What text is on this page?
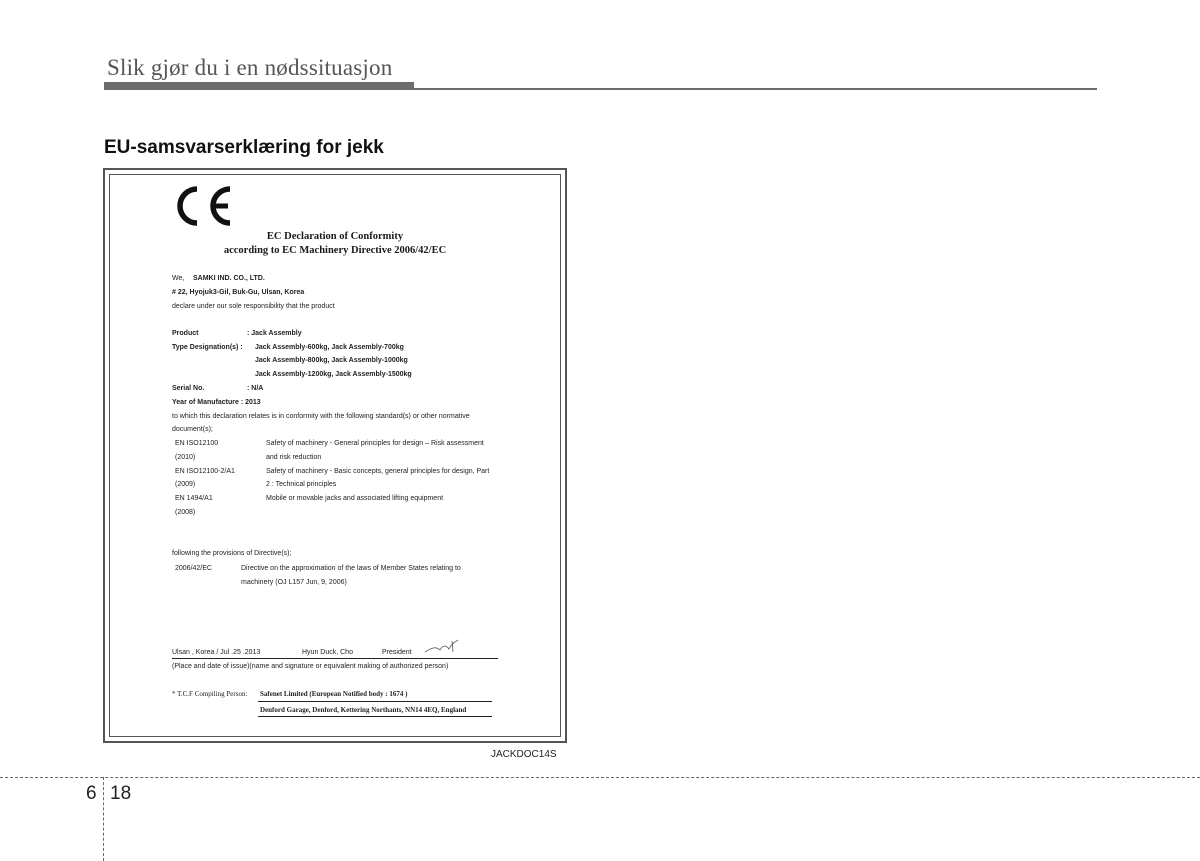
Slik gjør du i en nødssituasjon
EU-samsvarserklæring for jekk
EC Declaration of Conformity
according to EC Machinery Directive 2006/42/EC
We, SAMKI IND. CO., LTD.
# 22, Hyojuk3-Gil, Buk-Gu, Ulsan, Korea
declare under our sole responsibility that the product
Product	: Jack Assembly
Type Designation(s) : Jack Assembly-600kg, Jack Assembly-700kg
Jack Assembly-800kg, Jack Assembly-1000kg
Jack Assembly-1200kg, Jack Assembly-1500kg
Serial No.	: N/A
Year of Manufacture : 2013
to which this declaration relates is in conformity with the following standard(s) or other normative
document(s);
EN ISO12100	Safety of machinery - General principles for design – Risk assessment
(2010)	and risk reduction
EN ISO12100-2/A1	Safety of machinery - Basic concepts, general principles for design, Part
(2009)	2 : Technical principles
EN 1494/A1	Mobile or movable jacks and associated lifting equipment
(2008)
following the provisions of Directive(s);
2006/42/EC	Directive on the approximation of the laws of Member States relating to
machinery (OJ L157 Jun, 9, 2006)
Ulsan , Korea / Jul .25 .2013	Hyun Duck, Cho	President
(Place and date of issue)(name and signature or equivalent making of authorized person)
* T.C.F Compiling Person: Safenet Limited (European Notified body : 1674 )
Denford Garage, Denford, Kettering Northants, NN14 4EQ, England
JACKDOC14S
6 18
